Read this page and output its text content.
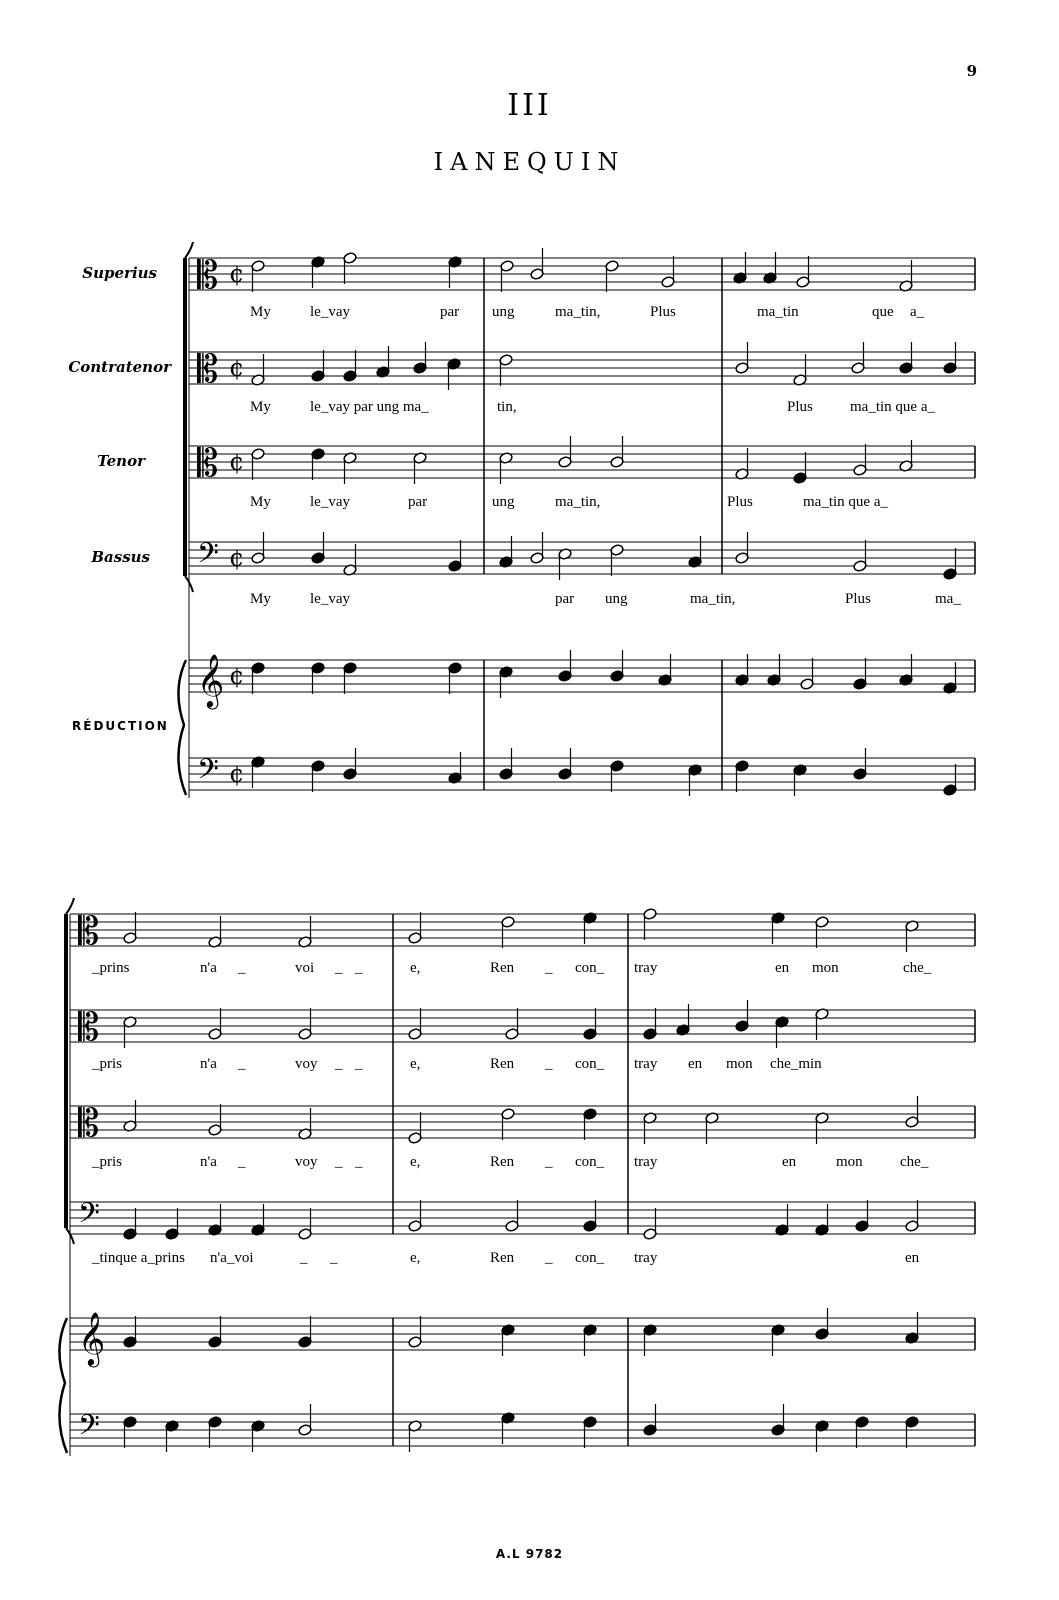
9
III
IANEQUIN
Superius
Contratenor
Tenor
Bassus
RÉDUCTION
A.L 9782
𝄡 ¢
𝄡 ¢
𝄡 ¢
𝄢 ¢
𝄞 ¢
𝄢 ¢
𝄡
𝄡
𝄡
𝄢
𝄞
𝄢
My	le_vay	par ung	ma_tin,	Plus	ma_tin	que a_
My	le_vay par ung ma_	tin,	Plus ma_tin que a_
My	le_vay	par	ung	ma_tin,	Plus	ma_tin que a_
My	le_vay	par ung	ma_tin,	Plus	ma_
_prins	n'a _	voi _ _	e,	Ren _ con_ tray	en mon	che_
_pris	n'a _	voy _ _	e,	Ren _ con_ tray en mon che_min
_pris	n'a _	voy _ _	e,	Ren _ con_ tray	en	mon che_
_tinque a_prins n'a_voi	_ _	e,	Ren _ con_ tray	en
